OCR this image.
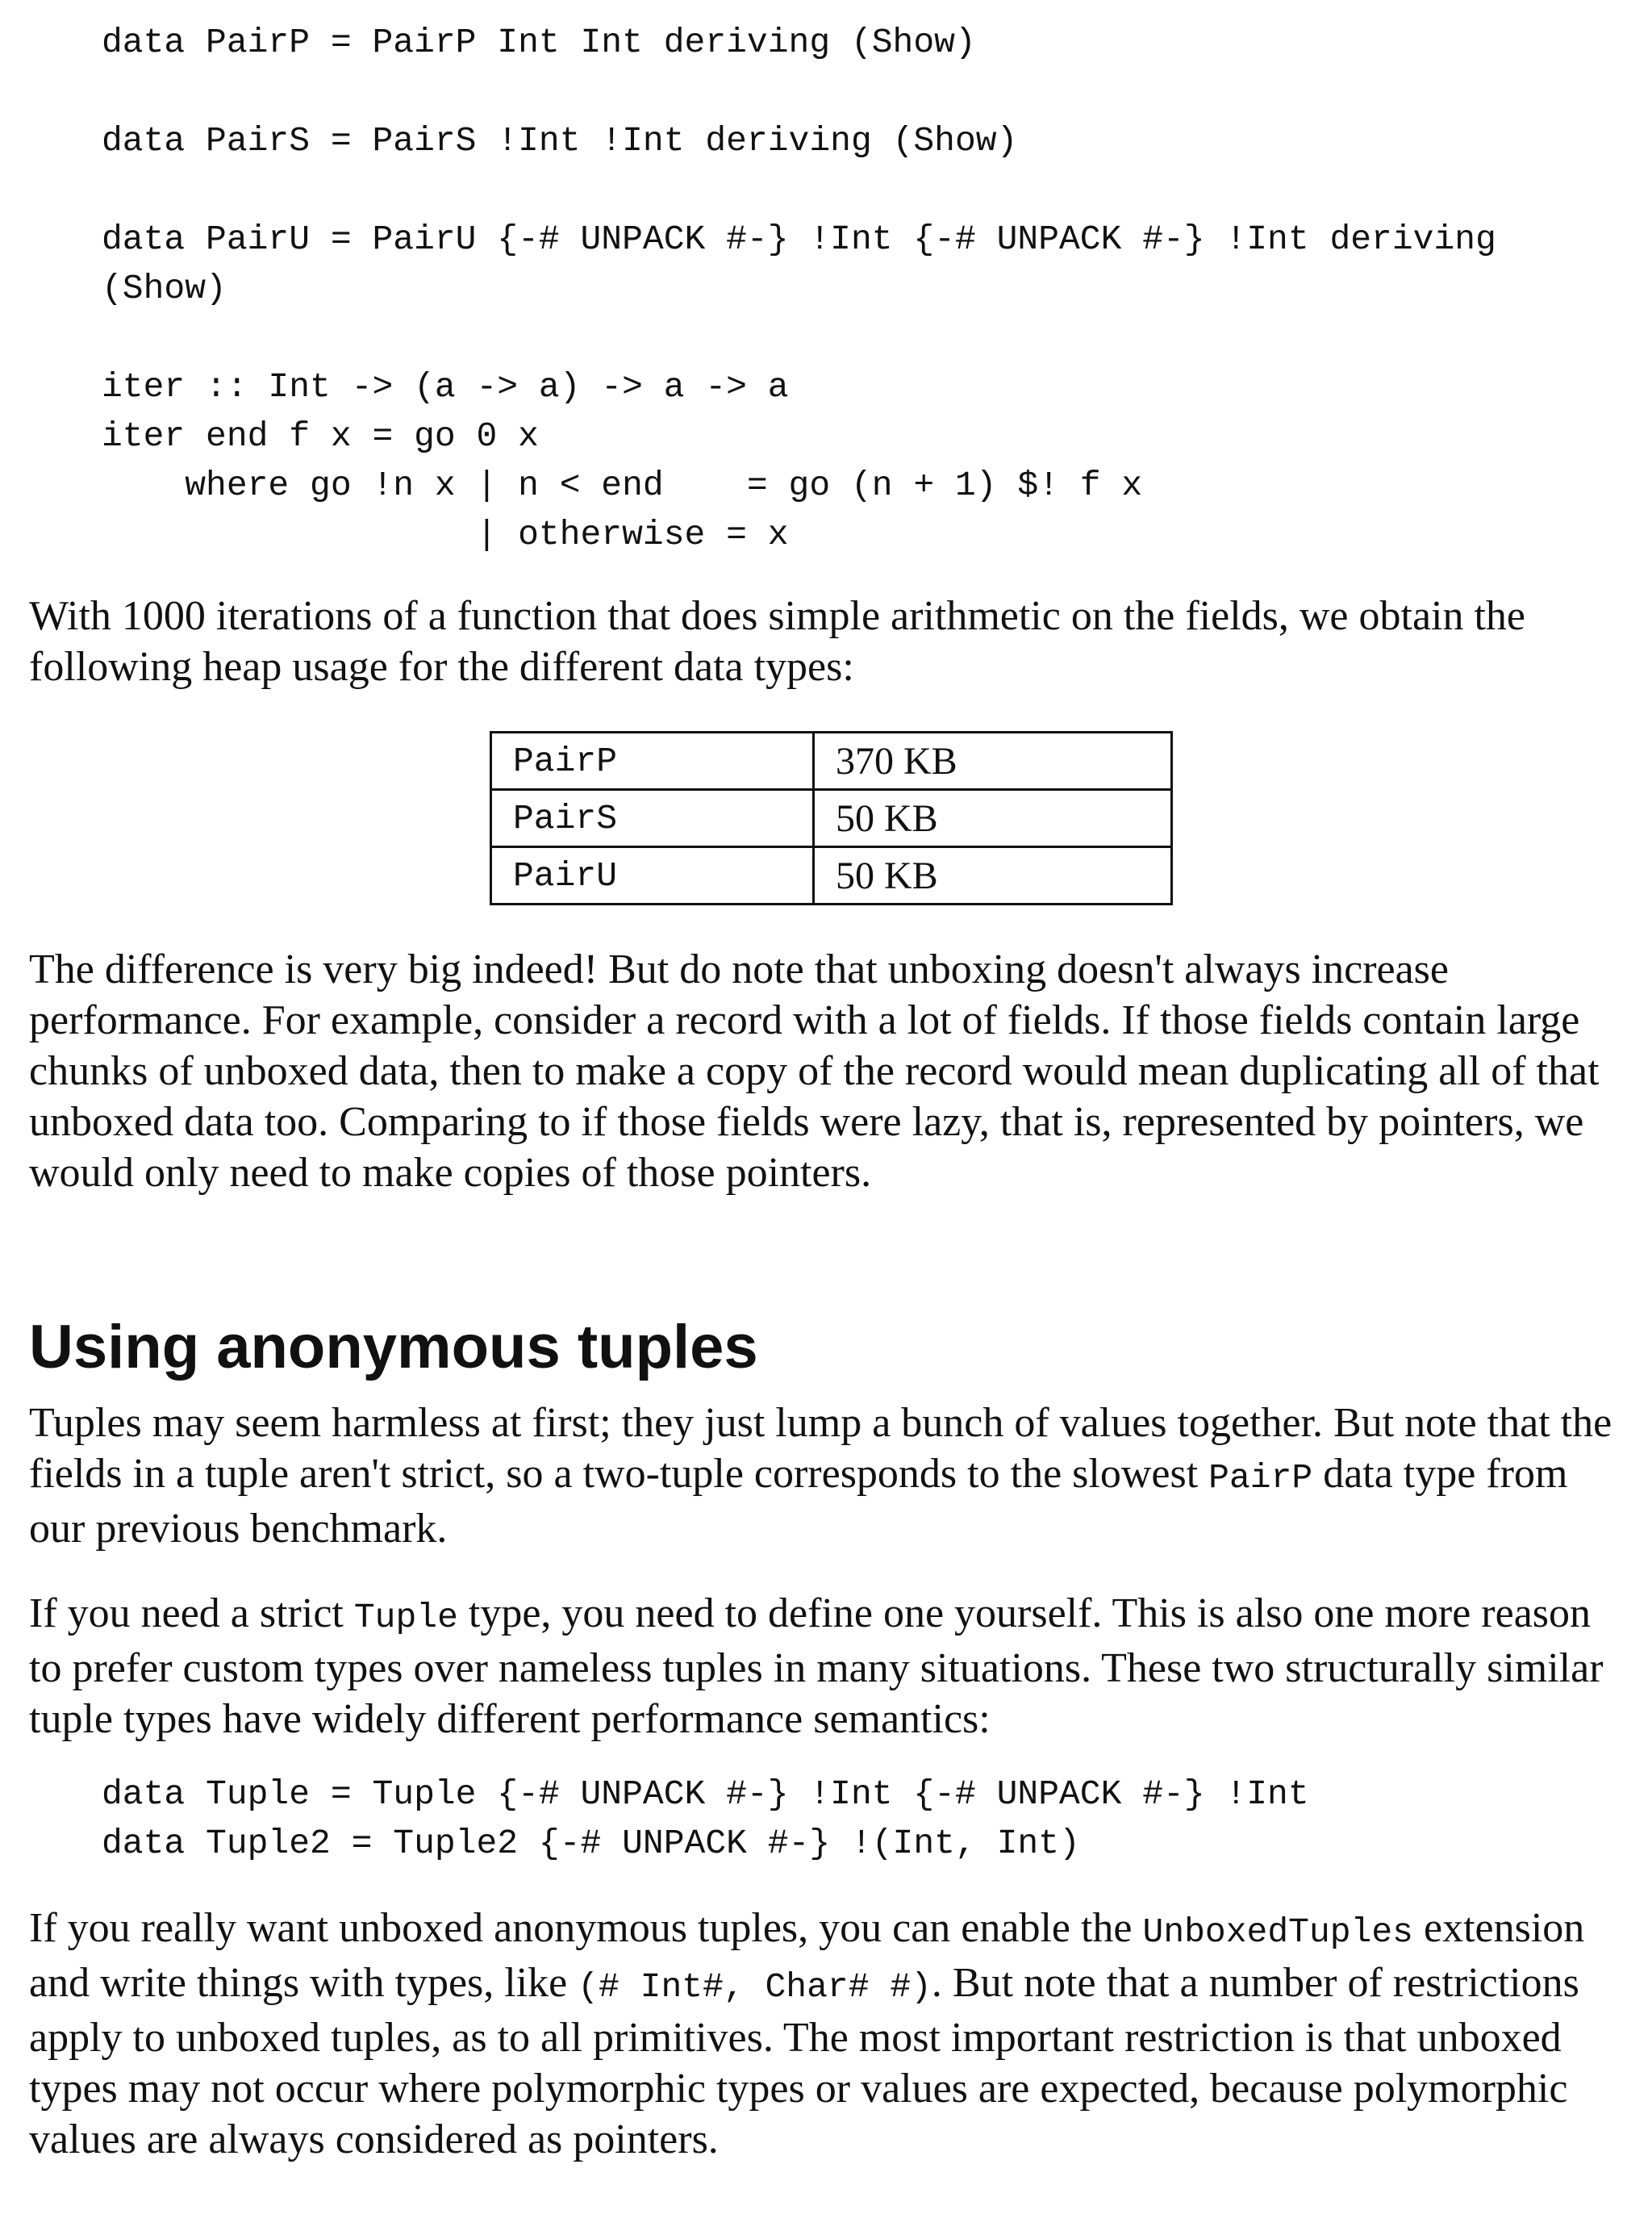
data PairP = PairP Int Int deriving (Show)
data PairS = PairS !Int !Int deriving (Show)
data PairU = PairU {-# UNPACK #-} !Int {-# UNPACK #-} !Int deriving
(Show)
iter :: Int -> (a -> a) -> a -> a
iter end f x = go 0 x
where go !n x | n < end    = go (n + 1) $! f x
| otherwise = x

With 1000 iterations of a function that does simple arithmetic on the fields, we obtain the following heap usage for the different data types:

PairP	370 KB
PairS	50 KB
PairU	50 KB

The difference is very big indeed! But do note that unboxing doesn't always increase performance. For example, consider a record with a lot of fields. If those fields contain large chunks of unboxed data, then to make a copy of the record would mean duplicating all of that unboxed data too. Comparing to if those fields were lazy, that is, represented by pointers, we would only need to make copies of those pointers.

Using anonymous tuples

Tuples may seem harmless at first; they just lump a bunch of values together. But note that the fields in a tuple aren't strict, so a two-tuple corresponds to the slowest PairP data type from our previous benchmark.

If you need a strict Tuple type, you need to define one yourself. This is also one more reason to prefer custom types over nameless tuples in many situations. These two structurally similar tuple types have widely different performance semantics:

data Tuple = Tuple {-# UNPACK #-} !Int {-# UNPACK #-} !Int
data Tuple2 = Tuple2 {-# UNPACK #-} !(Int, Int)

If you really want unboxed anonymous tuples, you can enable the UnboxedTuples extension and write things with types, like (# Int#, Char# #). But note that a number of restrictions apply to unboxed tuples, as to all primitives. The most important restriction is that unboxed types may not occur where polymorphic types or values are expected, because polymorphic values are always considered as pointers.
